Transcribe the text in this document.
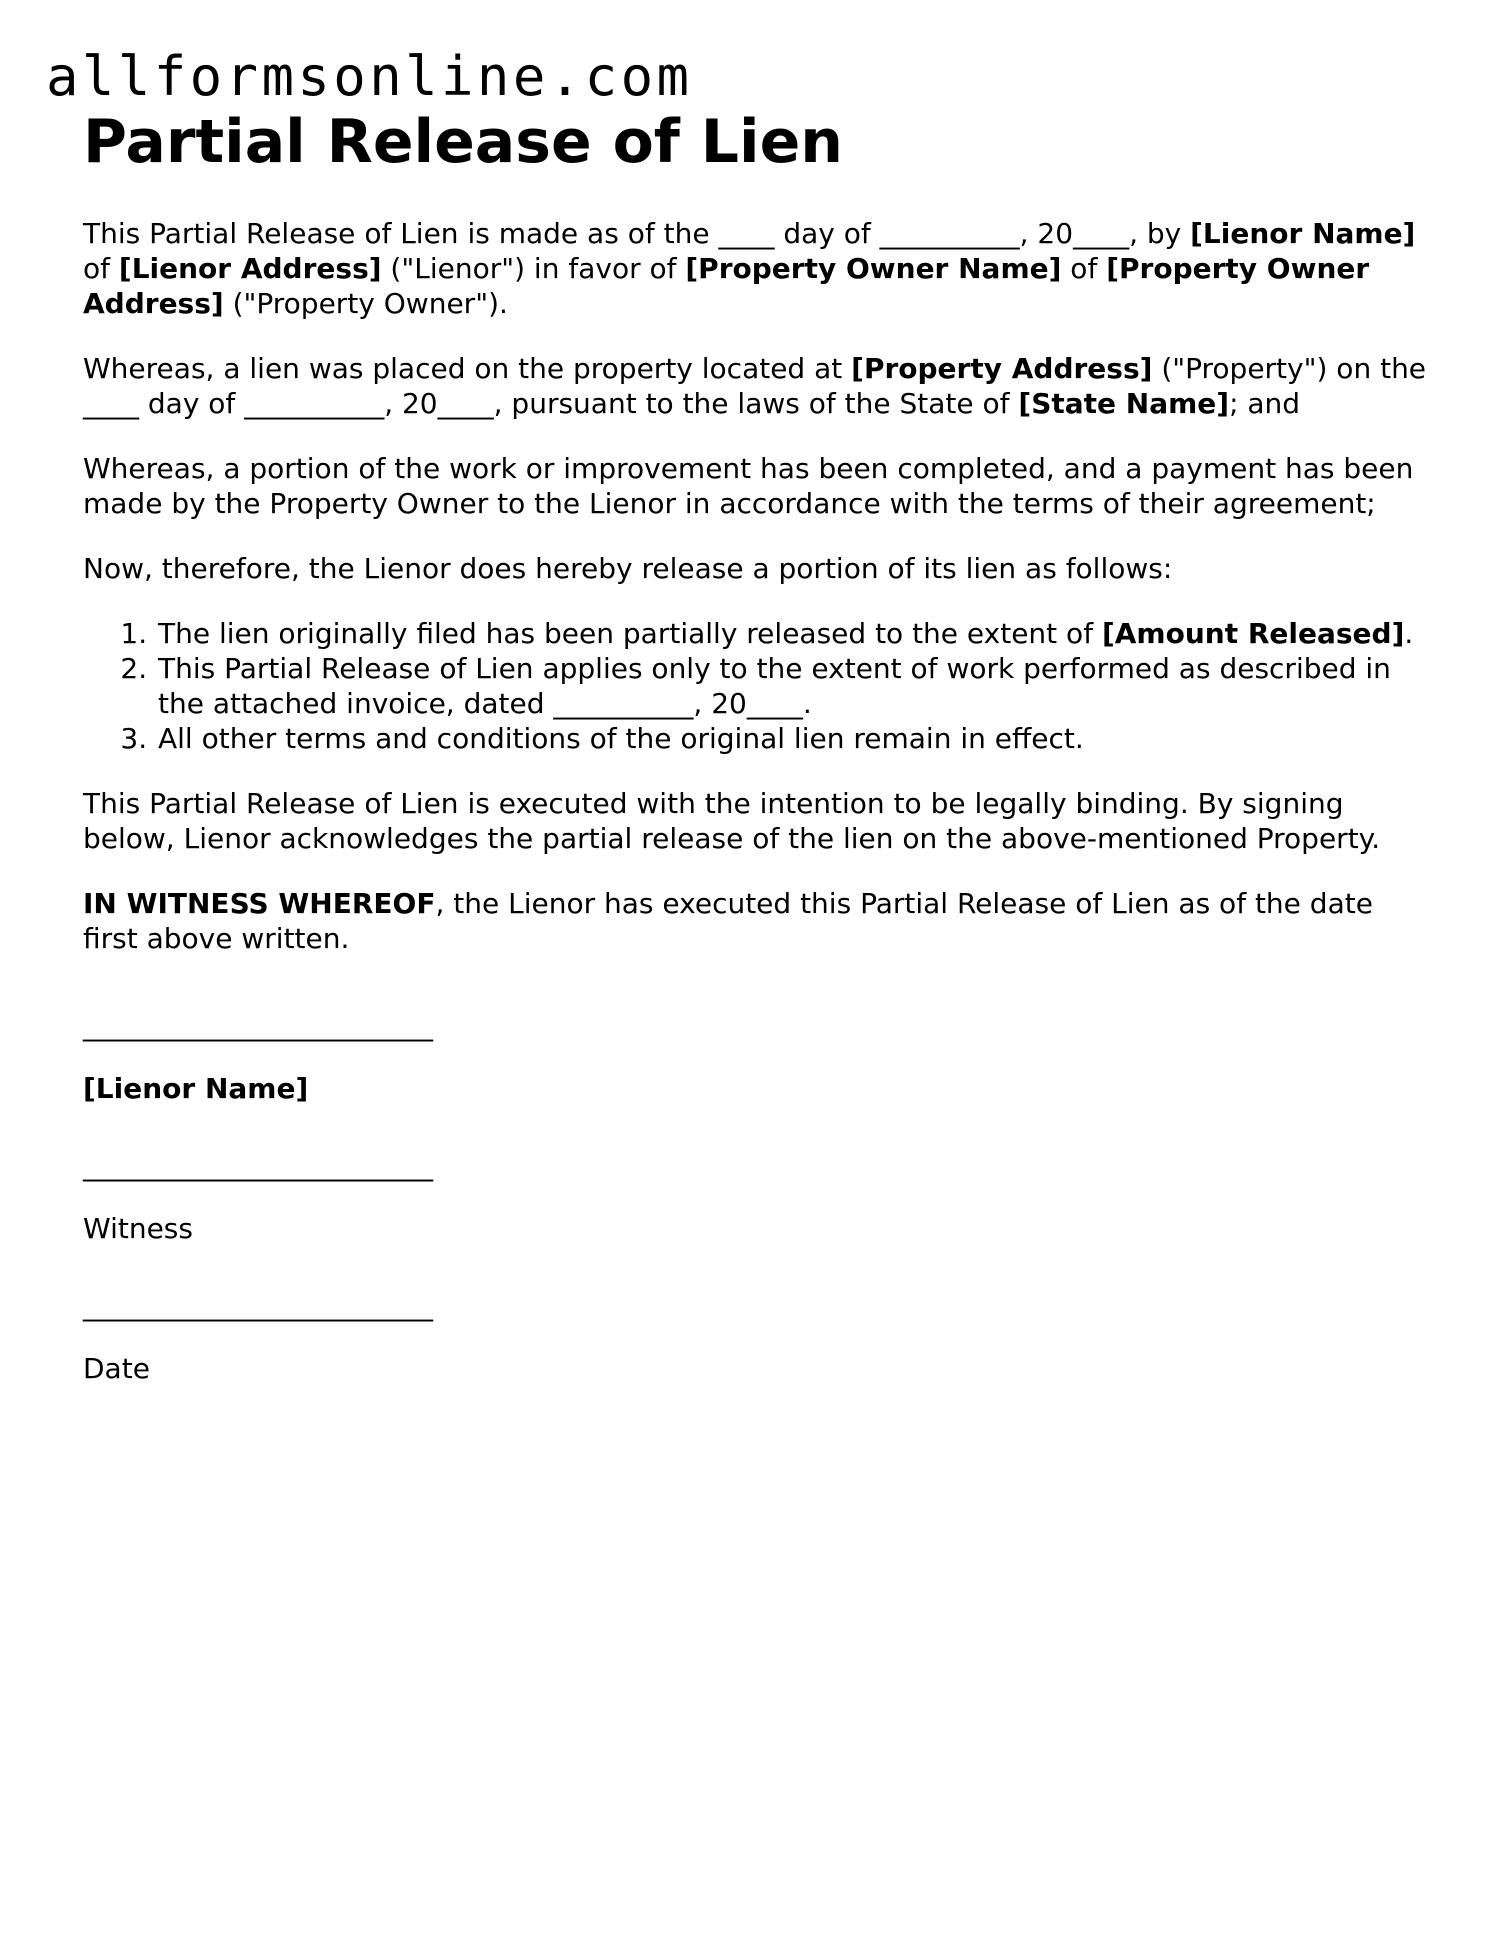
allformsonline.com
Partial Release of Lien

This Partial Release of Lien is made as of the ____ day of __________, 20____, by [Lienor Name] of [Lienor Address] ("Lienor") in favor of [Property Owner Name] of [Property Owner Address] ("Property Owner").

Whereas, a lien was placed on the property located at [Property Address] ("Property") on the ____ day of __________, 20____, pursuant to the laws of the State of [State Name]; and

Whereas, a portion of the work or improvement has been completed, and a payment has been made by the Property Owner to the Lienor in accordance with the terms of their agreement;

Now, therefore, the Lienor does hereby release a portion of its lien as follows:

1. The lien originally filed has been partially released to the extent of [Amount Released].
2. This Partial Release of Lien applies only to the extent of work performed as described in the attached invoice, dated __________, 20____.
3. All other terms and conditions of the original lien remain in effect.

This Partial Release of Lien is executed with the intention to be legally binding. By signing below, Lienor acknowledges the partial release of the lien on the above-mentioned Property.

IN WITNESS WHEREOF, the Lienor has executed this Partial Release of Lien as of the date first above written.

_________________________

[Lienor Name]

_________________________

Witness

_________________________

Date
